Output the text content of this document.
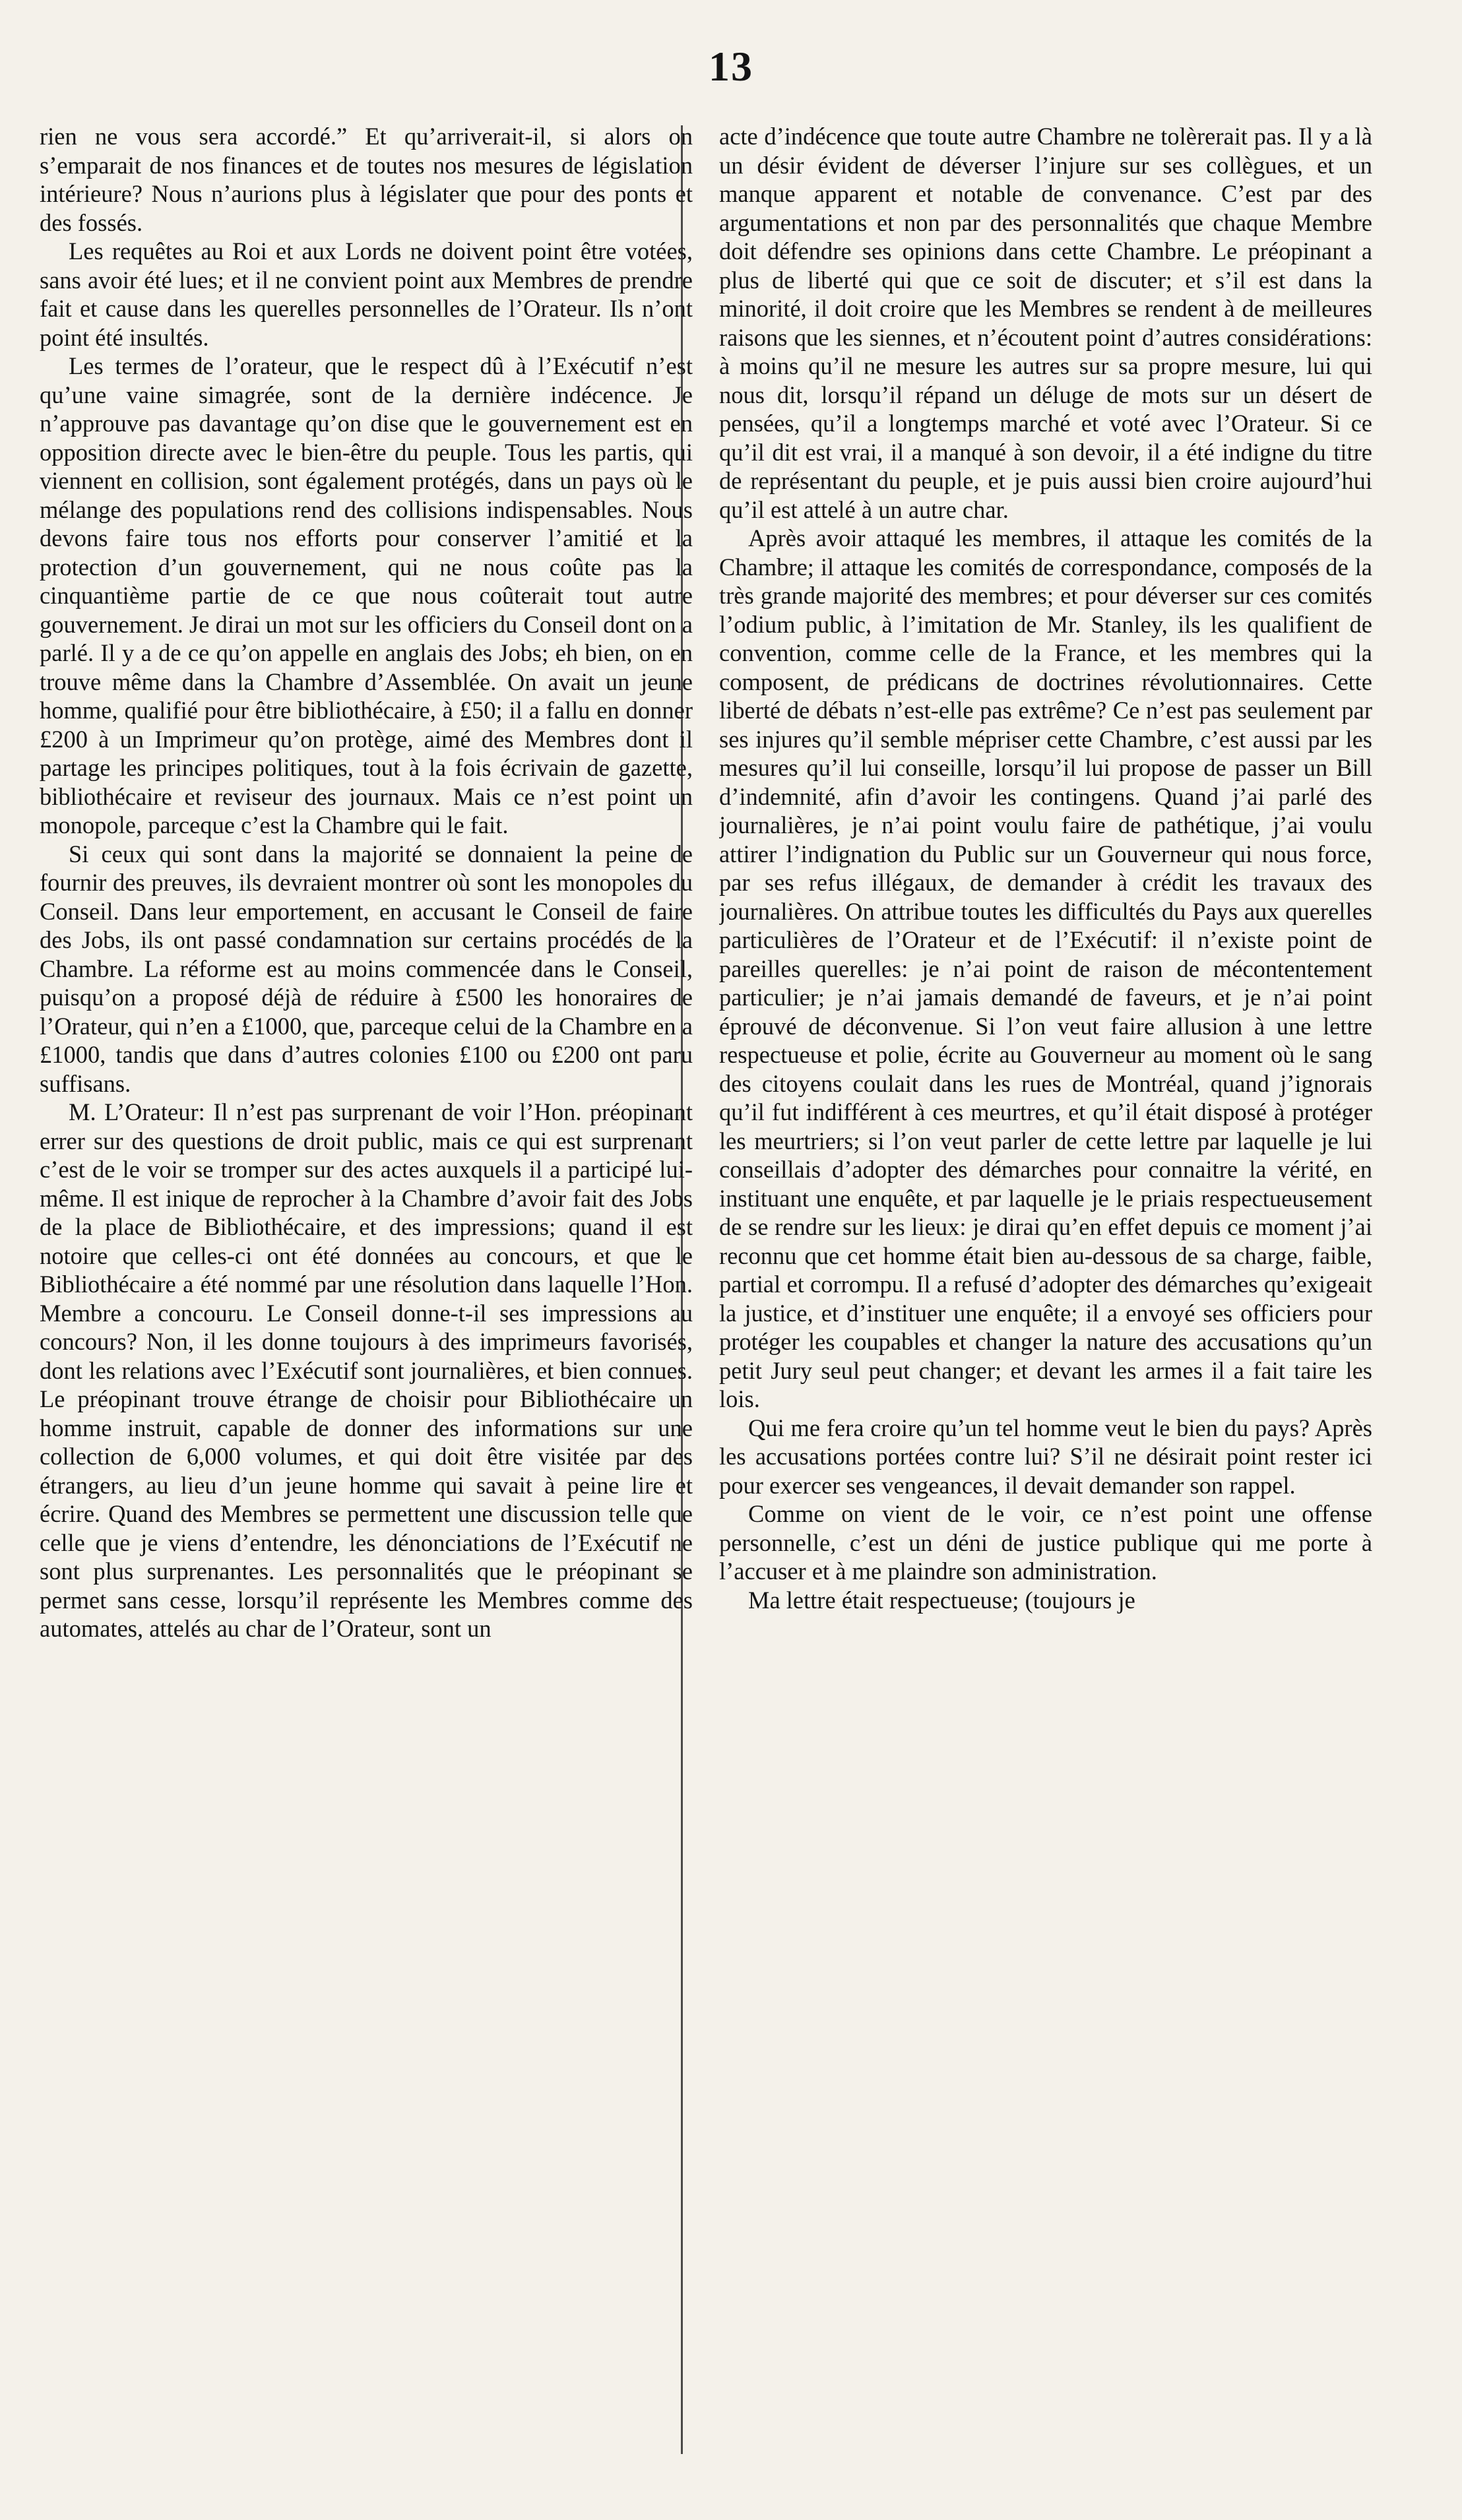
13

rien ne vous sera accordé.” Et qu’arriverait-il, si alors on s’emparait de nos finances et de toutes nos mesures de législation intérieure? Nous n’aurions plus à législater que pour des ponts et des fossés.

Les requêtes au Roi et aux Lords ne doivent point être votées, sans avoir été lues; et il ne convient point aux Membres de prendre fait et cause dans les querelles personnelles de l’Orateur. Ils n’ont point été insultés.

Les termes de l’orateur, que le respect dû à l’Exécutif n’est qu’une vaine simagrée, sont de la dernière indécence. Je n’approuve pas davantage qu’on dise que le gouvernement est en opposition directe avec le bien-être du peuple. Tous les partis, qui viennent en collision, sont également protégés, dans un pays où le mélange des populations rend des collisions indispensables. Nous devons faire tous nos efforts pour conserver l’amitié et la protection d’un gouvernement, qui ne nous coûte pas la cinquantième partie de ce que nous coûterait tout autre gouvernement. Je dirai un mot sur les officiers du Conseil dont on a parlé. Il y a de ce qu’on appelle en anglais des Jobs; eh bien, on en trouve même dans la Chambre d’Assemblée. On avait un jeune homme, qualifié pour être bibliothécaire, à £50; il a fallu en donner £200 à un Imprimeur qu’on protège, aimé des Membres dont il partage les principes politiques, tout à la fois écrivain de gazette, bibliothécaire et reviseur des journaux. Mais ce n’est point un monopole, parceque c’est la Chambre qui le fait.

Si ceux qui sont dans la majorité se donnaient la peine de fournir des preuves, ils devraient montrer où sont les monopoles du Conseil. Dans leur emportement, en accusant le Conseil de faire des Jobs, ils ont passé condamnation sur certains procédés de la Chambre. La réforme est au moins commencée dans le Conseil, puisqu’on a proposé déjà de réduire à £500 les honoraires de l’Orateur, qui n’en a £1000, que, parceque celui de la Chambre en a £1000, tandis que dans d’autres colonies £100 ou £200 ont paru suffisans.

M. L’Orateur: Il n’est pas surprenant de voir l’Hon. préopinant errer sur des questions de droit public, mais ce qui est surprenant c’est de le voir se tromper sur des actes auxquels il a participé lui-même. Il est inique de reprocher à la Chambre d’avoir fait des Jobs de la place de Bibliothécaire, et des impressions; quand il est notoire que celles-ci ont été données au concours, et que le Bibliothécaire a été nommé par une résolution dans laquelle l’Hon. Membre a concouru. Le Conseil donne-t-il ses impressions au concours? Non, il les donne toujours à des imprimeurs favorisés, dont les relations avec l’Exécutif sont journalières, et bien connues. Le préopinant trouve étrange de choisir pour Bibliothécaire un homme instruit, capable de donner des informations sur une collection de 6,000 volumes, et qui doit être visitée par des étrangers, au lieu d’un jeune homme qui savait à peine lire et écrire. Quand des Membres se permettent une discussion telle que celle que je viens d’entendre, les dénonciations de l’Exécutif ne sont plus surprenantes. Les personnalités que le préopinant se permet sans cesse, lorsqu’il représente les Membres comme des automates, attelés au char de l’Orateur, sont un

acte d’indécence que toute autre Chambre ne tolèrerait pas. Il y a là un désir évident de déverser l’injure sur ses collègues, et un manque apparent et notable de convenance. C’est par des argumentations et non par des personnalités que chaque Membre doit défendre ses opinions dans cette Chambre. Le préopinant a plus de liberté qui que ce soit de discuter; et s’il est dans la minorité, il doit croire que les Membres se rendent à de meilleures raisons que les siennes, et n’écoutent point d’autres considérations: à moins qu’il ne mesure les autres sur sa propre mesure, lui qui nous dit, lorsqu’il répand un déluge de mots sur un désert de pensées, qu’il a longtemps marché et voté avec l’Orateur. Si ce qu’il dit est vrai, il a manqué à son devoir, il a été indigne du titre de représentant du peuple, et je puis aussi bien croire aujourd’hui qu’il est attelé à un autre char.

Après avoir attaqué les membres, il attaque les comités de la Chambre; il attaque les comités de correspondance, composés de la très grande majorité des membres; et pour déverser sur ces comités l’odium public, à l’imitation de Mr. Stanley, ils les qualifient de convention, comme celle de la France, et les membres qui la composent, de prédicans de doctrines révolutionnaires. Cette liberté de débats n’est-elle pas extrême? Ce n’est pas seulement par ses injures qu’il semble mépriser cette Chambre, c’est aussi par les mesures qu’il lui conseille, lorsqu’il lui propose de passer un Bill d’indemnité, afin d’avoir les contingens. Quand j’ai parlé des journalières, je n’ai point voulu faire de pathétique, j’ai voulu attirer l’indignation du Public sur un Gouverneur qui nous force, par ses refus illégaux, de demander à crédit les travaux des journalières. On attribue toutes les difficultés du Pays aux querelles particulières de l’Orateur et de l’Exécutif: il n’existe point de pareilles querelles: je n’ai point de raison de mécontentement particulier; je n’ai jamais demandé de faveurs, et je n’ai point éprouvé de déconvenue. Si l’on veut faire allusion à une lettre respectueuse et polie, écrite au Gouverneur au moment où le sang des citoyens coulait dans les rues de Montréal, quand j’ignorais qu’il fut indifférent à ces meurtres, et qu’il était disposé à protéger les meurtriers; si l’on veut parler de cette lettre par laquelle je lui conseillais d’adopter des démarches pour connaitre la vérité, en instituant une enquête, et par laquelle je le priais respectueusement de se rendre sur les lieux: je dirai qu’en effet depuis ce moment j’ai reconnu que cet homme était bien au-dessous de sa charge, faible, partial et corrompu. Il a refusé d’adopter des démarches qu’exigeait la justice, et d’instituer une enquête; il a envoyé ses officiers pour protéger les coupables et changer la nature des accusations qu’un petit Jury seul peut changer; et devant les armes il a fait taire les lois.

Qui me fera croire qu’un tel homme veut le bien du pays? Après les accusations portées contre lui? S’il ne désirait point rester ici pour exercer ses vengeances, il devait demander son rappel.

Comme on vient de le voir, ce n’est point une offense personnelle, c’est un déni de justice publique qui me porte à l’accuser et à me plaindre son administration.

Ma lettre était respectueuse; (toujours je
